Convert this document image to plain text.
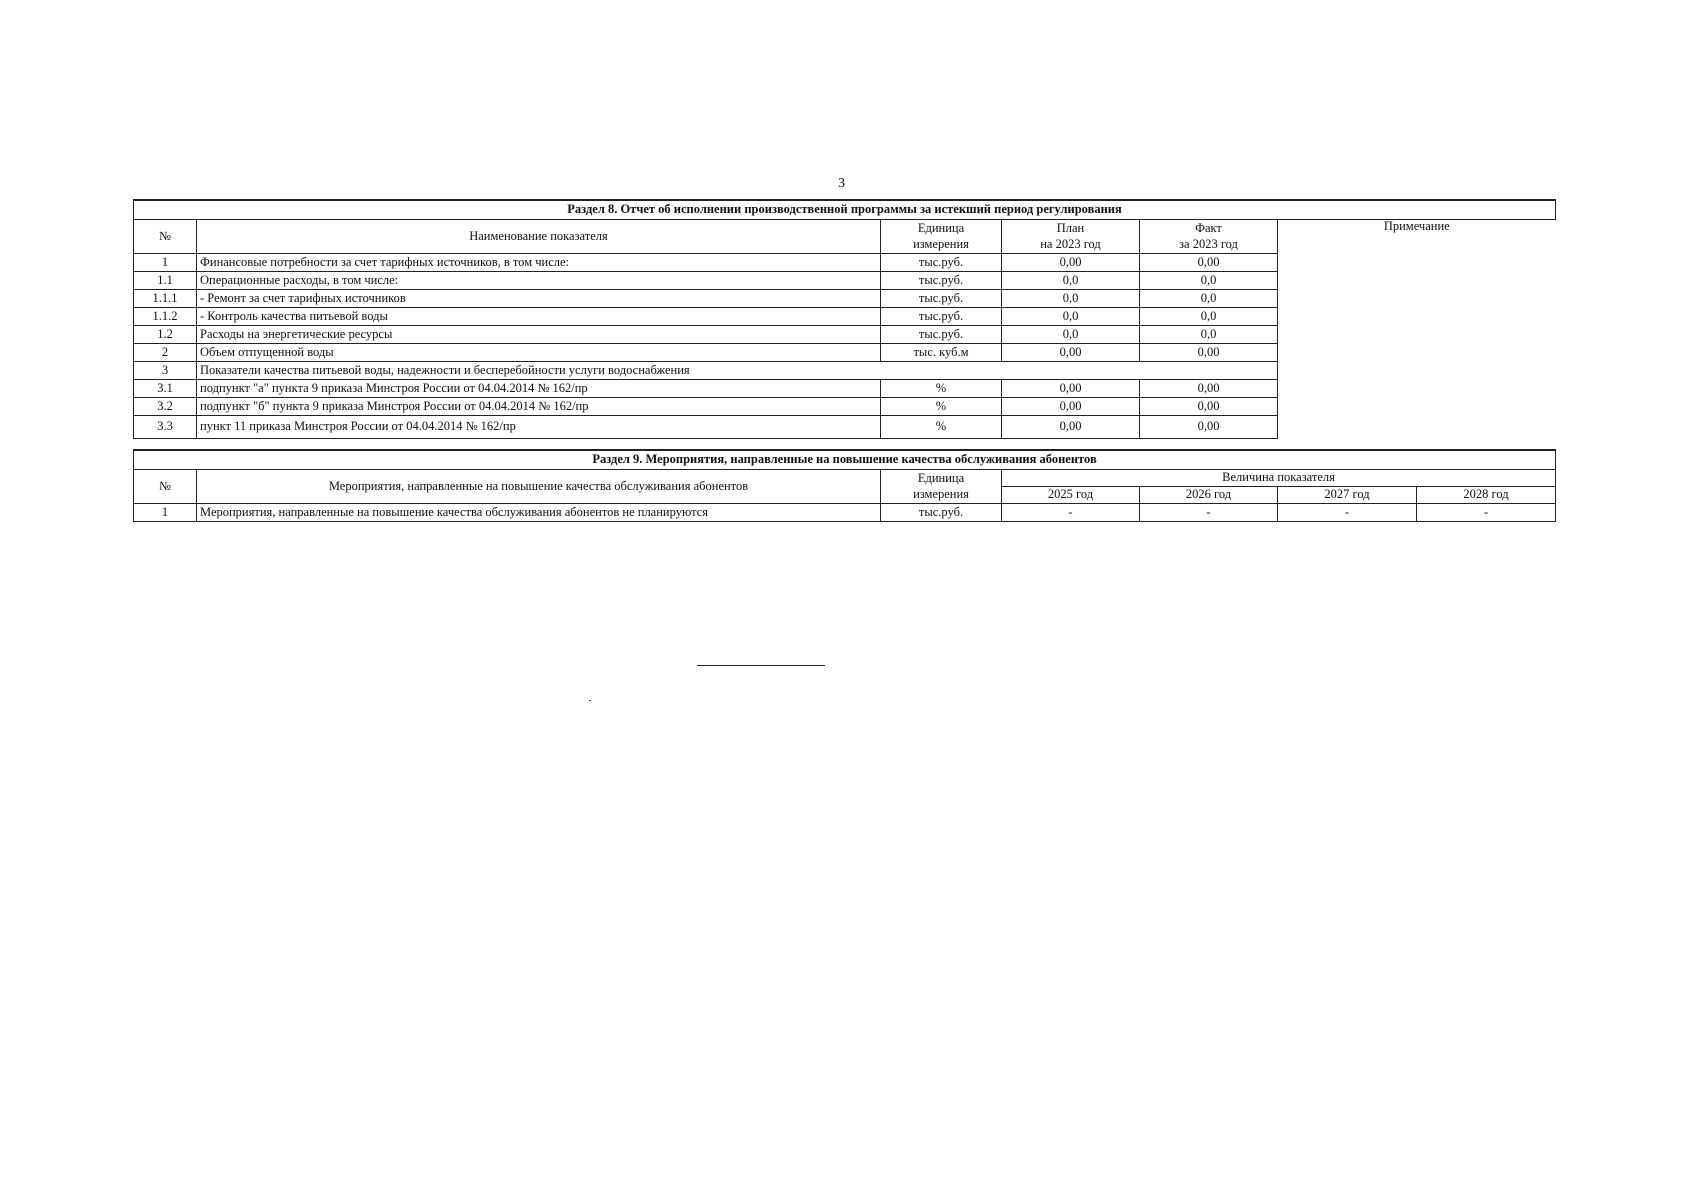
3
Раздел 8. Отчет об исполнении производственной программы за истекший период регулирования					
№	Наименование показателя	Единица	План	Факт	Примечание
		измерения	на 2023 год	за 2023 год	
1	Финансовые потребности за счет тарифных источников, в том числе:	тыс.руб.	0,00	0,00	
1.1	Операционные расходы, в том числе:	тыс.руб.	0,0	0,0	
1.1.1	- Ремонт за счет тарифных источников	тыс.руб.	0,0	0,0	
1.1.2	- Контроль качества питьевой воды	тыс.руб.	0,0	0,0	
1.2	Расходы на энергетические ресурсы	тыс.руб.	0,0	0,0	
2	Объем отпущенной воды	тыс. куб.м	0,00	0,00	
3	Показатели качества питьевой воды, надежности и бесперебойности услуги водоснабжения				
3.1	подпункт "а" пункта 9 приказа Минстроя России от 04.04.2014 № 162/пр	%	0,00	0,00	
3.2	подпункт "б" пункта 9 приказа Минстроя России от 04.04.2014 № 162/пр	%	0,00	0,00	
3.3	пункт 11 приказа Минстроя России от 04.04.2014 № 162/пр	%	0,00	0,00	
Раздел 9. Мероприятия, направленные на повышение качества обслуживания абонентов						
№	Мероприятия, направленные на повышение качества обслуживания абонентов	Единица	Величина показателя			
		измерения	2025 год	2026 год	2027 год	2028 год
1	Мероприятия, направленные на повышение качества обслуживания абонентов не планируются	тыс.руб.	-	-	-	-
